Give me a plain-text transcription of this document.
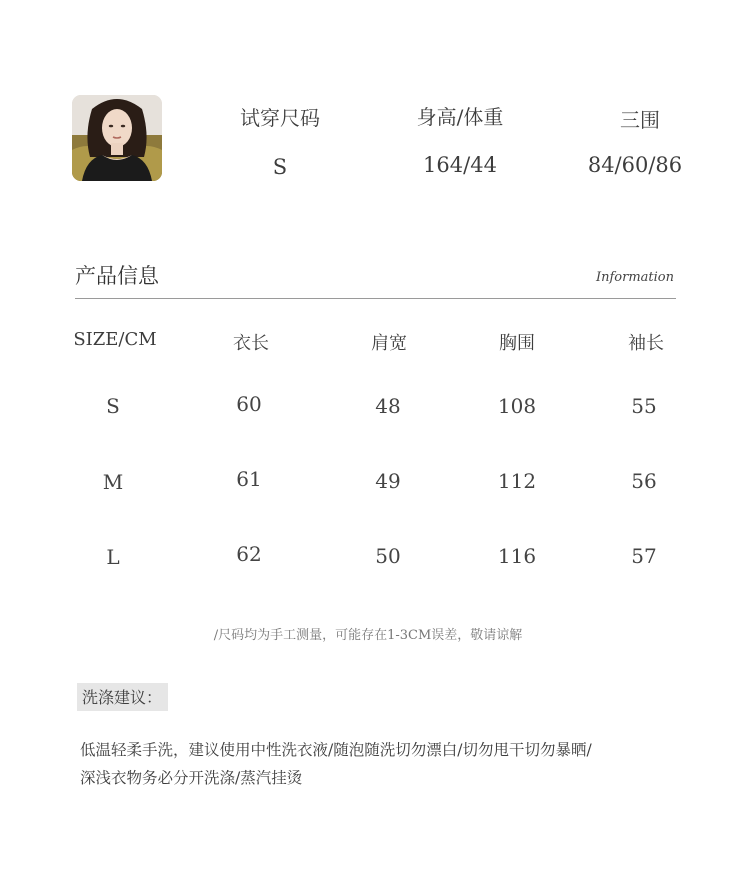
试穿尺码	身高/体重	三围
S	164/44	84/60/86
产品信息	Information
SIZE/CM	衣长	肩宽	胸围	袖长
S	60	48	108	55
M	61	49	112	56
L	62	50	116	57
/尺码均为手工测量，可能存在1-3CM误差，敬请谅解
洗涤建议：
低温轻柔手洗，建议使用中性洗衣液/随泡随洗切勿漂白/切勿甩干切勿暴晒/
深浅衣物务必分开洗涤/蒸汽挂烫
